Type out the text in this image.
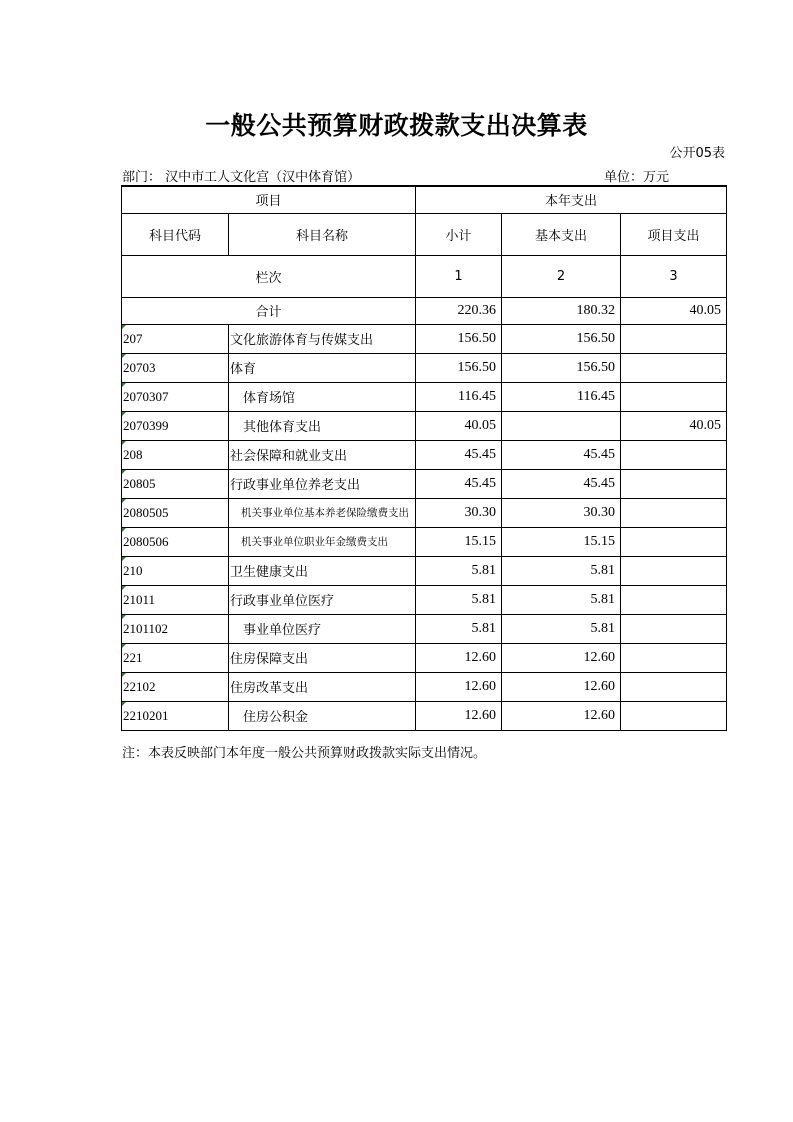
一般公共预算财政拨款支出决算表
公开05表
部门： 汉中市工人文化宫（汉中体育馆）	单位：万元
项目		本年支出		
科目代码	科目名称	小计	基本支出	项目支出
栏次		1	2	3
合计		220.36	180.32	40.05
207	文化旅游体育与传媒支出	156.50	156.50	
20703	体育	156.50	156.50	
2070307	体育场馆	116.45	116.45	
2070399	其他体育支出	40.05		40.05
208	社会保障和就业支出	45.45	45.45	
20805	行政事业单位养老支出	45.45	45.45	
2080505	机关事业单位基本养老保险缴费支出	30.30	30.30	
2080506	机关事业单位职业年金缴费支出	15.15	15.15	
210	卫生健康支出	5.81	5.81	
21011	行政事业单位医疗	5.81	5.81	
2101102	事业单位医疗	5.81	5.81	
221	住房保障支出	12.60	12.60	
22102	住房改革支出	12.60	12.60	
2210201	住房公积金	12.60	12.60	
注：本表反映部门本年度一般公共预算财政拨款实际支出情况。
